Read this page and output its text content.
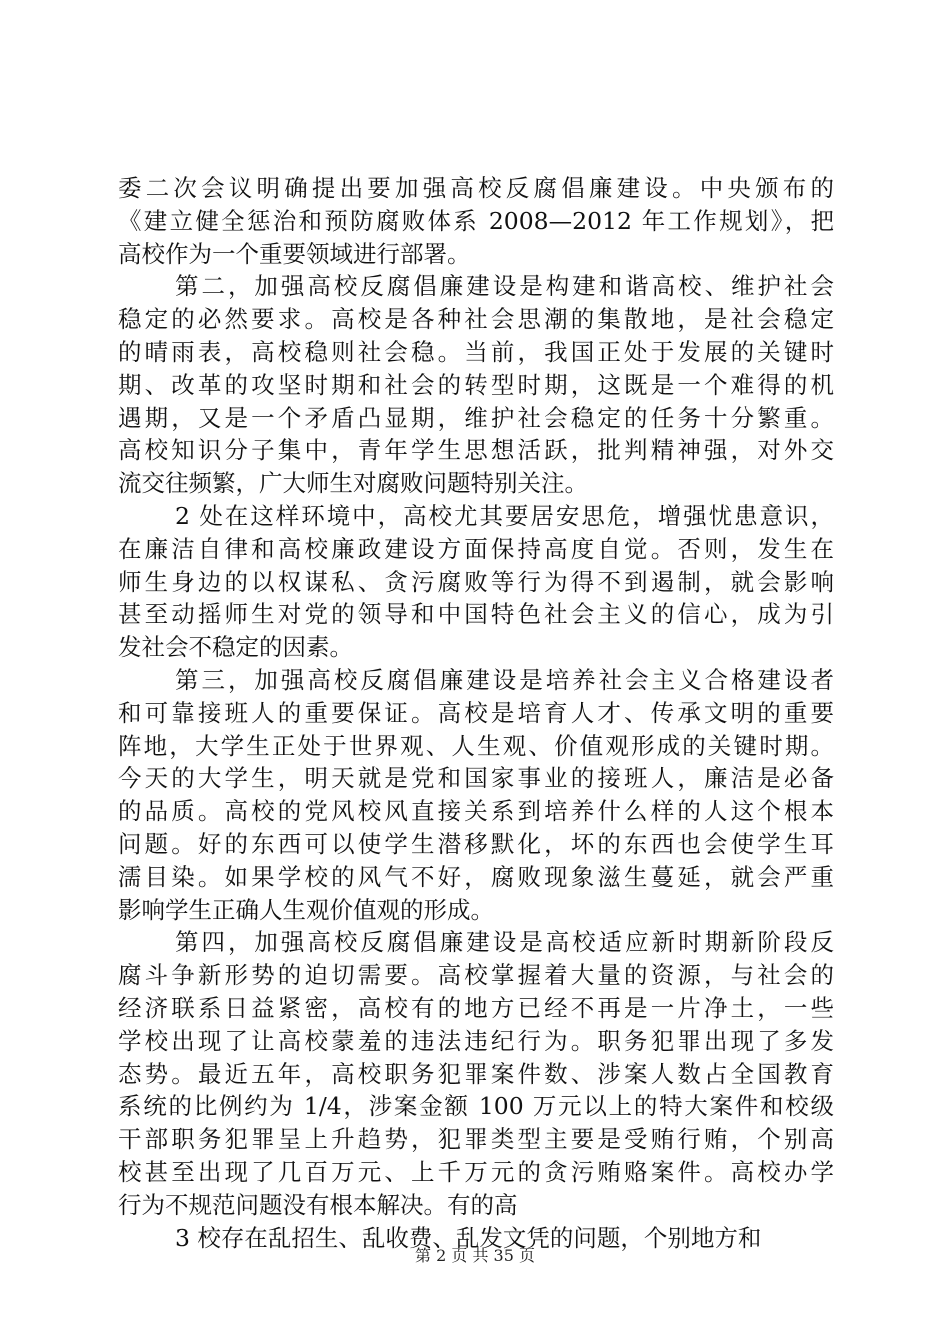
委二次会议明确提出要加强高校反腐倡廉建设。中央颁布的
《建立健全惩治和预防腐败体系 2008—2012 年工作规划》，把
高校作为一个重要领域进行部署。
第二，加强高校反腐倡廉建设是构建和谐高校、维护社会
稳定的必然要求。高校是各种社会思潮的集散地，是社会稳定
的晴雨表，高校稳则社会稳。当前，我国正处于发展的关键时
期、改革的攻坚时期和社会的转型时期，这既是一个难得的机
遇期，又是一个矛盾凸显期，维护社会稳定的任务十分繁重。
高校知识分子集中，青年学生思想活跃，批判精神强，对外交
流交往频繁，广大师生对腐败问题特别关注。
2 处在这样环境中，高校尤其要居安思危，增强忧患意识，
在廉洁自律和高校廉政建设方面保持高度自觉。否则，发生在
师生身边的以权谋私、贪污腐败等行为得不到遏制，就会影响
甚至动摇师生对党的领导和中国特色社会主义的信心，成为引
发社会不稳定的因素。
第三，加强高校反腐倡廉建设是培养社会主义合格建设者
和可靠接班人的重要保证。高校是培育人才、传承文明的重要
阵地，大学生正处于世界观、人生观、价值观形成的关键时期。
今天的大学生，明天就是党和国家事业的接班人，廉洁是必备
的品质。高校的党风校风直接关系到培养什么样的人这个根本
问题。好的东西可以使学生潜移默化，坏的东西也会使学生耳
濡目染。如果学校的风气不好，腐败现象滋生蔓延，就会严重
影响学生正确人生观价值观的形成。
第四，加强高校反腐倡廉建设是高校适应新时期新阶段反
腐斗争新形势的迫切需要。高校掌握着大量的资源，与社会的
经济联系日益紧密，高校有的地方已经不再是一片净土，一些
学校出现了让高校蒙羞的违法违纪行为。职务犯罪出现了多发
态势。最近五年，高校职务犯罪案件数、涉案人数占全国教育
系统的比例约为 1/4，涉案金额 100 万元以上的特大案件和校级
干部职务犯罪呈上升趋势，犯罪类型主要是受贿行贿，个别高
校甚至出现了几百万元、上千万元的贪污贿赂案件。高校办学
行为不规范问题没有根本解决。有的高
3 校存在乱招生、乱收费、乱发文凭的问题，个别地方和
第 2 页 共 35 页
